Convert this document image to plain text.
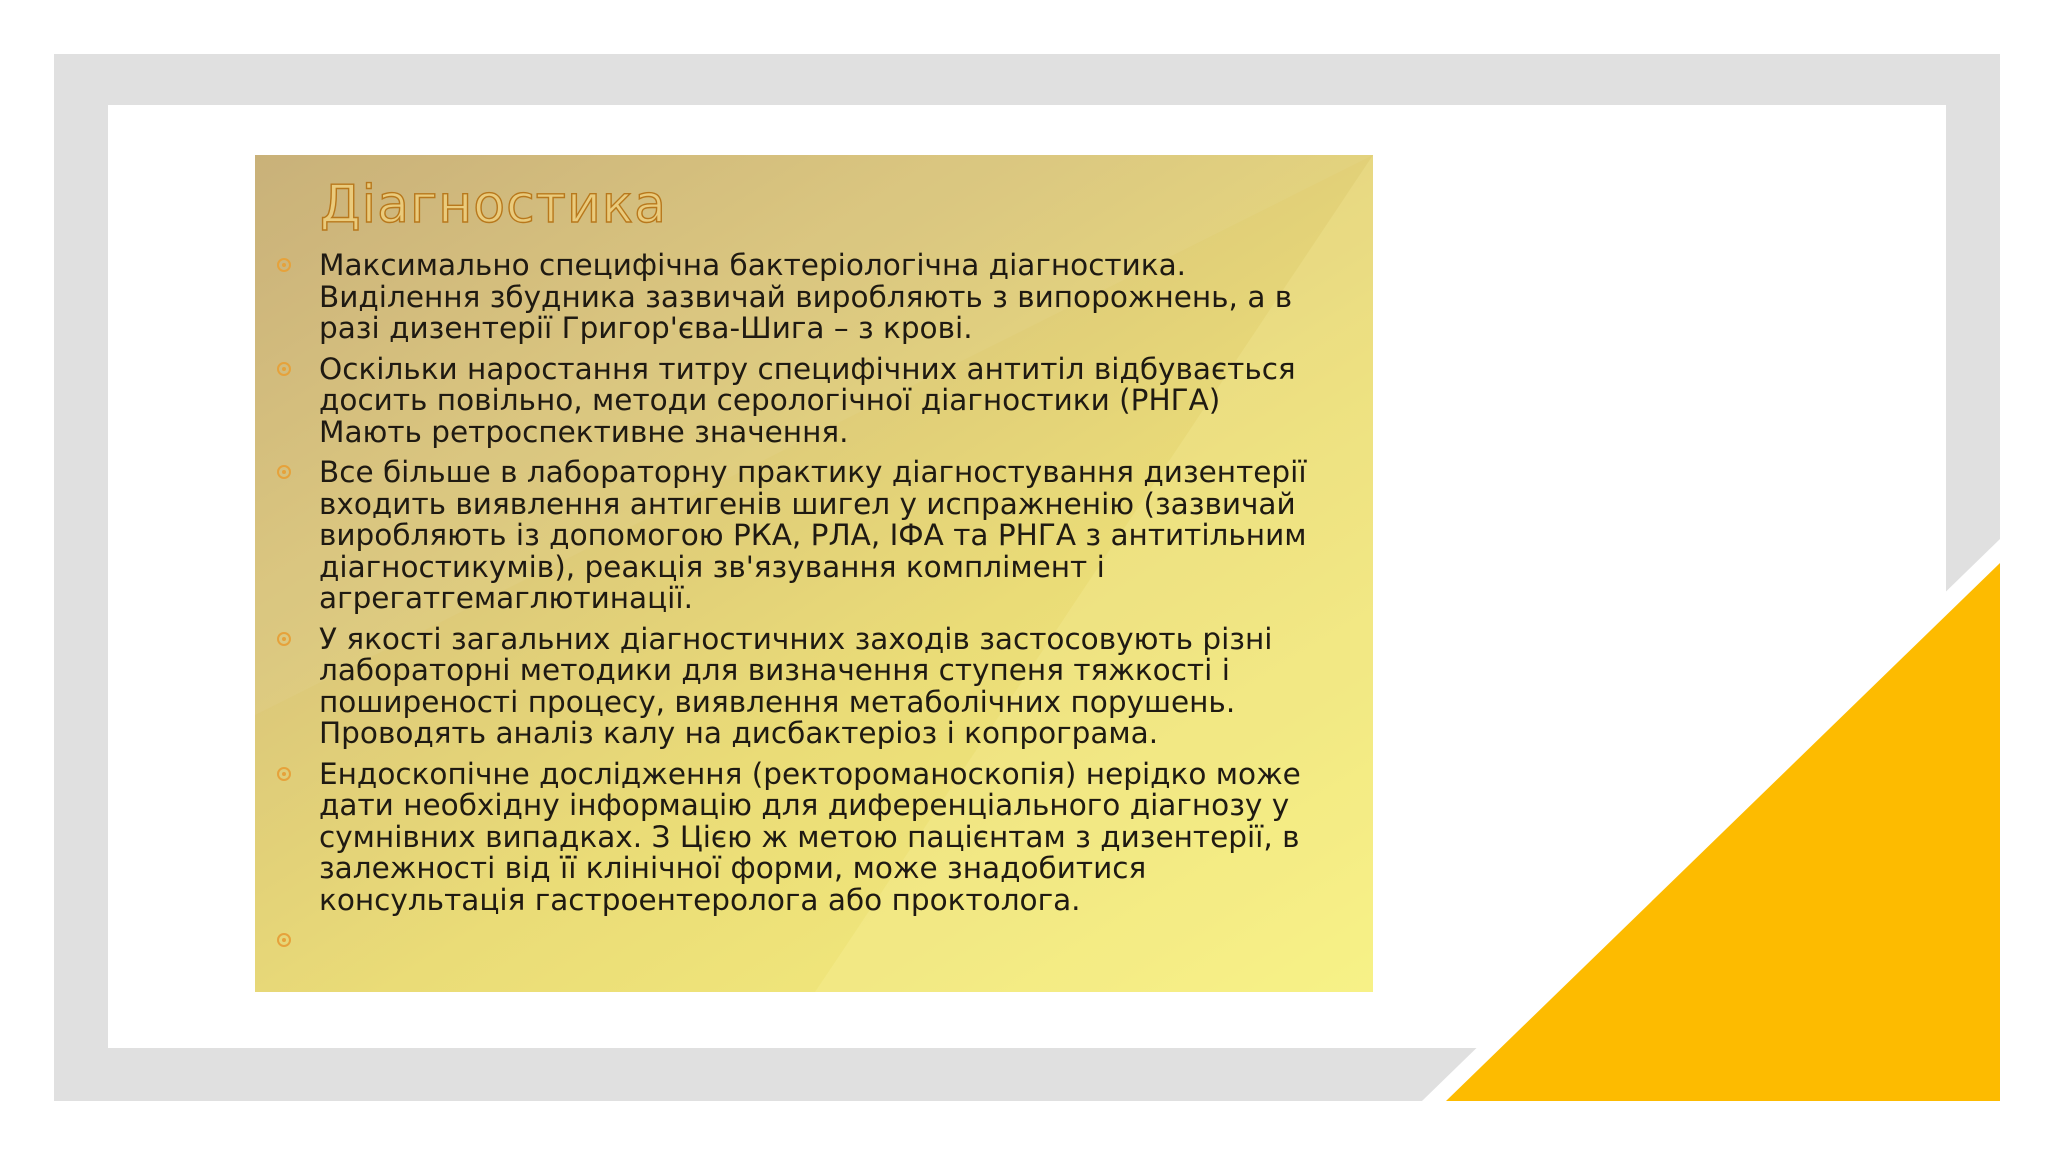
Діагностика
Максимально специфічна бактеріологічна діагностика.
Виділення збудника зазвичай виробляють з випорожнень, а в
разі дизентерії Григор'єва-Шига – з крові.
Оскільки наростання титру специфічних антитіл відбувається
досить повільно, методи серологічної діагностики (РНГА)
Мають ретроспективне значення.
Все більше в лабораторну практику діагностування дизентерії
входить виявлення антигенів шигел у испражненію (зазвичай
виробляють із допомогою РКА, РЛА, ІФА та РНГА з антитільним
діагностикумів), реакція зв'язування комплімент і
агрегатгемаглютинації.
У якості загальних діагностичних заходів застосовують різні
лабораторні методики для визначення ступеня тяжкості і
поширеності процесу, виявлення метаболічних порушень.
Проводять аналіз калу на дисбактеріоз і копрограма.
Ендоскопічне дослідження (ректороманоскопія) нерідко може
дати необхідну інформацію для диференціального діагнозу у
сумнівних випадках. З Цією ж метою пацієнтам з дизентерії, в
залежності від її клінічної форми, може знадобитися
консультація гастроентеролога або проктолога.
